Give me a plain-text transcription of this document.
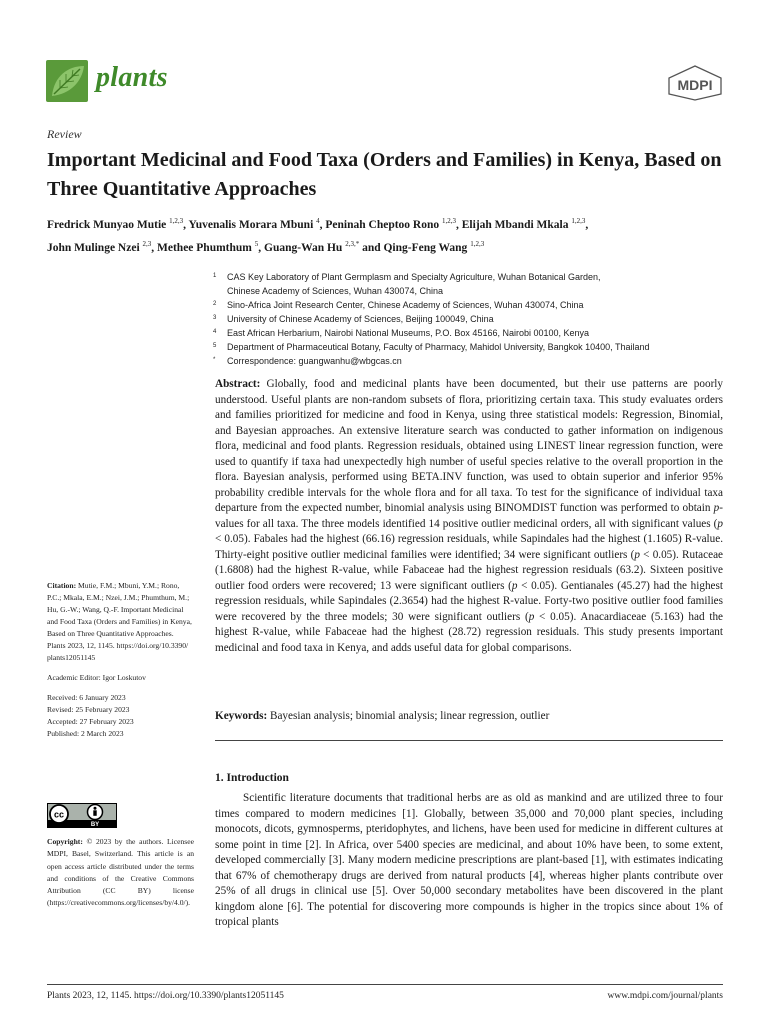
plants	MDPI
Review
Important Medicinal and Food Taxa (Orders and Families) in Kenya, Based on Three Quantitative Approaches
Fredrick Munyao Mutie $^{1,2,3}$, Yuvenalis Morara Mbuni $^4$, Peninah Cheptoo Rono $^{1,2,3}$, Elijah Mbandi Mkala $^{1,2,3}$,
John Mulinge Nzei $^{2,3}$, Methee Phumthum $^5$, Guang-Wan Hu $^{2,3,*}$ and Qing-Feng Wang $^{1,2,3}$
1	CAS Key Laboratory of Plant Germplasm and Specialty Agriculture, Wuhan Botanical Garden,
Chinese Academy of Sciences, Wuhan 430074, China
2	Sino-Africa Joint Research Center, Chinese Academy of Sciences, Wuhan 430074, China
3	University of Chinese Academy of Sciences, Beijing 100049, China
4	East African Herbarium, Nairobi National Museums, P.O. Box 45166, Nairobi 00100, Kenya
5	Department of Pharmaceutical Botany, Faculty of Pharmacy, Mahidol University, Bangkok 10400, Thailand
*	Correspondence: guangwanhu@wbgcas.cn
Abstract: Globally, food and medicinal plants have been documented, but their use patterns are poorly understood. Useful plants are non-random subsets of flora, prioritizing certain taxa. This study evaluates orders and families prioritized for medicine and food in Kenya, using three statistical models: Regression, Binomial, and Bayesian approaches. An extensive literature search was conducted to gather information on indigenous flora, medicinal and food plants. Regression residuals, obtained using LINEST linear regression function, were used to quantify if taxa had unexpectedly high number of useful species relative to the overall proportion in the flora. Bayesian analysis, performed using BETA.INV function, was used to obtain superior and inferior 95% probability credible intervals for the whole flora and for all taxa. To test for the significance of individual taxa departure from the expected number, binomial analysis using BINOMDIST function was performed to obtain p-values for all taxa. The three models identified 14 positive outlier medicinal orders, all with significant values (p < 0.05). Fabales had the highest (66.16) regression residuals, while Sapindales had the highest (1.1605) R-value. Thirty-eight positive outlier medicinal families were identified; 34 were significant outliers (p < 0.05). Rutaceae (1.6808) had the highest R-value, while Fabaceae had the highest regression residuals (63.2). Sixteen positive outlier food orders were recovered; 13 were significant outliers (p < 0.05). Gentianales (45.27) had the highest regression residuals, while Sapindales (2.3654) had the highest R-value. Forty-two positive outlier food families were recovered by the three models; 30 were significant outliers (p < 0.05). Anacardiaceae (5.163) had the highest R-value, while Fabaceae had the highest (28.72) regression residuals. This study presents important medicinal and food taxa in Kenya, and adds useful data for global comparisons.
Keywords: Bayesian analysis; binomial analysis; linear regression, outlier
1. Introduction
Scientific literature documents that traditional herbs are as old as mankind and are utilized three to four times compared to modern medicines [1]. Globally, between 35,000 and 70,000 plant species, including monocots, dicots, gymnosperms, pteridophytes, and lichens, have been used for medicine in different cultures at some point in time [2]. In Africa, over 5400 species are medicinal, and about 10% have been, to some extent, developed commercially [3]. Many modern medicine prescriptions are plant-based [1], with estimates indicating that 67% of chemotherapy drugs are derived from natural products [4], whereas higher plants contribute over 25% of all drugs in clinical use [5]. Over 50,000 secondary metabolites have been discovered in the plant kingdom alone [6]. The potential for discovering more compounds is higher in the tropics since about 1% of tropical plants
Citation: Mutie, F.M.; Mbuni, Y.M.; Rono, P.C.; Mkala, E.M.; Nzei, J.M.; Phumthum, M.; Hu, G.-W.; Wang, Q.-F. Important Medicinal and Food Taxa (Orders and Families) in Kenya, Based on Three Quantitative Approaches. Plants 2023, 12, 1145. https://doi.org/10.3390/ plants12051145
Academic Editor: Igor Loskutov
Received: 6 January 2023
Revised: 25 February 2023
Accepted: 27 February 2023
Published: 2 March 2023
cc
BY
Copyright: © 2023 by the authors. Licensee MDPI, Basel, Switzerland. This article is an open access article distributed under the terms and conditions of the Creative Commons Attribution (CC BY) license (https://creativecommons.org/licenses/by/4.0/).
Plants 2023, 12, 1145. https://doi.org/10.3390/plants12051145	www.mdpi.com/journal/plants
